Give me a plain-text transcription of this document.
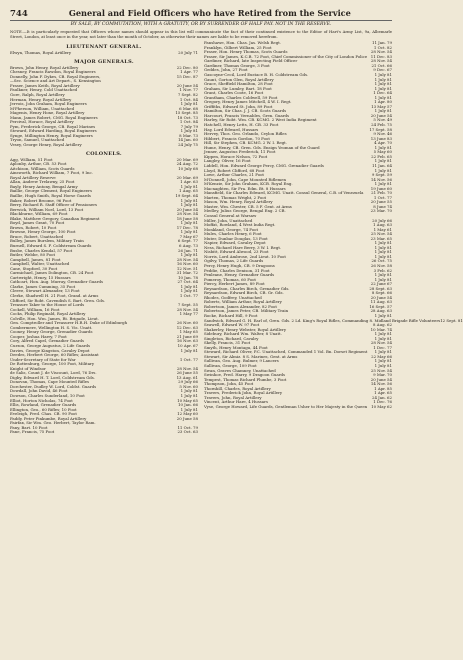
744	General and Field Officers who have Retired from the Service
BY SALE, BY COMMUTATION, WITH A GRATUITY, OR BY SURRENDER OF HALF PAY. NOT IN THE RESERVE.
NOTE.—It is particularly requested that Officers whose names should appear in this list will communicate the fact of their continued existence to the Editor of Hart's Army List, 9a, Albemarle Street, London, at least once in the year, not later than the month of October, as otherwise their names are liable to be removed herefrom.
LIEUTENANT GENERAL.
Elwyn, Thomas, Royal Artillery	20 July 71
MAJOR GENERALS.
Brown, John Henry, Royal Artillery	22 Dec. 80
Chesney, Francis Rawdon, Royal Engineers	1 Apr. 77
Donnelly, John F. Dykes, CB. Royal Engineers,	15 Dec. 87
—Sec. Science and Art Depart., S. Kensington
Fraser, James Keith, Royal Artillery	20 June 54
Faulkner, Henry, Cold Unattached	1 Nov. 77
Gore, Ralph, Royal Artillery	7 Sept. 82
Herman, Henry, Royal Artillery	1 Oct. 84
Jervois, John Graham, Royal Engineers	1 July 81
M'Pherson, William, Unattached	6 Mar. 68
Magenis, Henry Hone, Royal Artillery	15 Sept. 85
Mann, James Robert, CMG. Royal Engineers	18 Oct. 73
Percival, Horace, Royal Artillery	1 Oct. 84
Pym, Frederick George, CB. Royal Marines	7 July 79
Steward, Edward Harding, Royal Engineers	1 July 81
Synge, Millington Henry, Royal Engineers	8 Mar. 73
Tryon, Samuel, Unattached	14 Jan. 60
Vesey, George Henry, Royal Artillery	24 July 75
COLONELS.
Agg, William, 51 Foot	20 Mar. 69
Aplonby, Arthur, CB. 53 Foot	24 Aug. 72
Aitchison, William, Scots Guards	10 July 68
Ainsworth, Richard William, 7 Foot, 9 Inc.
Royal Artillery Reserve	20 Mar. 69
Allan, Andrew Trelawny, 25 Foot	1 Apr. 63
Bayly, Henry Antony, Bengal Army	1 July 81
Baillie, George Clement, Royal Engineers	1 Aug. 65
Baillie, Hugh Smith, Royal Horse Guards	19 Sept. 64
Baker, Robert Broome, 96 Foot	1 July 81
Berry, Richard R. Staff Officer of Pensioners	1 July 81
Berwick, William Noel, Lord, 13 Foot	20 June 54
Blackburne, William, 69 Foot	28 Nov. 54
Blake, Matthew Gregory, Canadian Regiment	18 June 58
Boyd, James Grant, 70 Foot	1 July 81
Brown, Robert, 10 Foot	17 Dec. 78
Browne, Henry George, 100 Foot	1 July 81
Bruce, Robert, Unattached	7 May 67
Bulley, James Burslem, Military Train	6 Sept. 77
Burnell, Edward S. F. Coldstream Guards	6 Aug. 73
Busbe, Charles Kendal, 57 Foot	26 Jan. 71
Butler, Webbe, 80 Foot	1 July 81
Campbell, James, 81 Foot	28 Nov. 54
Campbell, Walter, Unattached	16 Nov. 60
Cane, Stopford, 30 Foot	12 Nov. 51
Carmichael, James Dolington, CB. 24 Foot	31 Mar. 72
Cartwright, Henry, 15 Hussars	10 Jan. 78
Cathcart, Hon. Aug. Murray, Grenadier Guards	27 Oct. 64
Clarke, James Cumming, 35 Foot	1 July 81
Cleeve, Stewart Alexander, 13 Foot	1 July 81
Clerke, Shadwell H. 21 Foot, Grand. at Arms	1 Oct. 77
Clifford, Sir Robt. Cavendish S. Bart. Gren. Gds.
Treasure Taker to the House of Lords	7 Sept. 55
Cockell, William, 16 Foot	28 Nov. 54
Cocks, Philip Reginald, Royal Artillery	1 May 77
Colville, Hon. Wm. James, Rt. Brigade, Lieut.
Gen. Comptroller and Treasurer H.R.H. Duke of Edinburgh	26 Nov. 60
Combermere, Wellington H. S. Vis. Unatt.	12 Dec. 63
Cooney, Henry George, Grenadier Guards	1 May 65
Cooper, Joshua Harry, 7 Foot	21 June 69
Cory, Alfred Capel, Grenadier Guards	16 Nov. 63
Curzon, George Augustus, 2 Life Guards	10 Apr. 67
Davies, George Kingston, Cavalry Depot	1 July 81
Deedes, Herbert George, 60 Rifles; Assistant
Under-Secretary of State for War	1 Oct. 77
De Rottenburg, George, 100 Foot, Military
Knight of Windsor	28 Nov. 54
de Salis, Count J. de Viscount, Lord, 76 Drs.	26 June 55
Digby, Edward H. T. Lord, Coldstream Gds.	13 Aug. 61
Donovan, Thomas, Cape Mounted Rifles	29 July 66
Dorchester, Dudley W. Lord, Coldst. Guards	5 Nov. 60
Dowdall, John David, 46 Foot	1 July 81
Dowson, Charles Sunderland, 10 Foot	1 July 81
Elliot, Horton Nicholas, 74 Foot	10 May 65
Ellis, Rowland, Grenadier Guards	10 Jan. 66
Ellington, Geo., 60 Rifles; 10 Foot	1 July 81
Eveleigh, Fred. Chas. CB. 90 Foot	12 May 60
Faddy, Peter Pinkumbe, Royal Artillery	20 June 58
Fairfax, Sir Wm. Geo. Herbert, Taylor Ram.
Fany, Bart. 10 Foot	11 Oct. 79
Fane, Francis, 75 Foot	23 Oct. 63
Fanshawe, Hon. Chas. Jas. Welsh Regt.	11 Jan. 79
Franklyn, Gilbert William, 25 Foot	1 Oct. 82
Fraser, Hon. Henry Thomas, Scots Guards	28 Nov. 54
Fraser, Sir James, K.C.B. 72 Foot, Chief Commissioner of the City of London Police 11 Dec. 83
Gardiner, Richard, late Inspecting Field Officer	28 Nov. 54
Gardiner, Thomas George, 3 Foot	21 Oct. 66
Geddes, John, 27 Foot	9 Dec. 67
Gascoyne-Cecil, Lord Eustace B. H. Coldstream Gds.	1 July 81
Gaunt, Gorton Glen, Royal Artillery	1 July 81
Grace, Sheffield Hamilton, 28 Foot	1 July 81
Graham, Sir Lumley, Bart. 18 Foot	1 July 81
Grant, Charles Coote, 16 Foot	1 Dec. 64
Grantham, Charles Coldwell, 59 Foot	1 July 81
Gregory, Henry James Mitchell, 4 W. I. Regt.	1 Apr. 80
Griffiths, Edward St. John, 89 Foot	13 May 57
Hamilton, Sir Chas. J. J. CB. Scots Guards	1 July 81
Harcourt, Francis Vernables, Gren. Guards	20 June 54
Harley, Sir Robt. Wm. CB. KCMG. 2 West India Regiment	5 Nov. 49
Hatchell, Henry Letts, H. CB. 33 Foot	24 Feb. 75
Hay, Lord Edward, Hussars	17 Sept. 58
Hervey, Thos. Geo. Orlando, Ceylon Rifles	9 Nov. 46
Hibbert, Francis Gordon, 70 Foot	13 June 83
Hill, Sir Stephen, CB. KCMG. 2 W. I. Regt.	4 Apr. 70
Hume, Henry, CB. Gren. Gds. Ensign Yeoman of the Guard	1 July 81
Jenner, Augustus Frederick, 11 Foot	5 May 60
Kippen, Horace Nelson, 72 Foot	22 Feb. 65
Langley, Oliver, 16 Foot	1 July 81
Liddell, Hon. Edward George Percy, CMG. Grenadier Guards	11 Jan. 64
Lloyd, Robert Clifford, 68 Foot	1 July 81
Lowe, Arthur Charles, 21 Foot	9 Sept. 59
M'Donnell, John, Cape Mounted Riflemen	14 Nov. 56
M'Kenzie, Sir John Graham, KCB. Royal Eng.	1 July 81
Macnaghten, Sir Fra. Edm. Bt. 8 Hussars	19 June 60
Mansfield, Sir Charles Edward, KCMG. Unatt. Consul General, C.B. of Venezuela	21 Feb. 70
Marten, Thomas Wright, 2 Foot	1 Oct. 77
Mason, Wm. Henry, Royal Artillery	20 June 55
Master, Wm. Chester, CB. 5 F. Gent. at Arms	8 June 74
Medley, Julius George, Bengal Eng. 2 CB.	23 Mar. 70
Consul General at Warsaw
Miller, John, Unattached	20 July 66
Moffat, Rowland, 4 West India Regt.	1 Aug. 63
Monkland, George, 74 Foot	1 May 61
Mules, Charles Henry, 6 Foot	25 Nov. 54
Muter, Dunbar Douglas, 13 Foot	23 Mar. 65
Napier, Edward, Cavalry Depot	1 July 81
Ness, Richard Hare Berry, 3 W. I. Regt.	1 July 81
Nisbitt, Edward Alwood, 23 Foot	1 July 81
Norris, Lord Ambrose, 2nd Lieut. 10 Foot	1 July 81
Ogilvy, Thomas, 2 Life Guards	26 Oct. 75
Percy, Henry Hugh, CB. 9 Dragoons	26 Nov. 58
Peddie, Charles Denison, 31 Foot	3 Feb. 62
Penleane, Henry, Grenadier Guards	1 July 81
Pomeroy, Thomas, 60 Foot	1 July 81
Piercy, Herbert James, 89 Foot	22 June 67
Reynardson, Charles Birch, Grenadier Gds.	28 Sept. 63
Reynardson, Edward Birch, CB. Gr. Gds.	8 Sept. 66
Rhodes, Godfrey, Unattached	20 June 54
Roberts, William Arthur, Royal Artillery	11 Aug. 63
Robertson, James Alexander, 82 Foot	16 Sept. 57
Robertson, James Peter, CB. Military Train	28 Aug. 63
Rocke, Richard Hill, 9 Foot	1 July 81
Sandwich, Edward G. H. Earl of, Gren. Gds. 2 Ld. King's Royal Rifles, Commanding 8. Midland Brigade Rifle Volunteers 12 Sept. 81
Seawell, Edward W. 97 Foot	8 Aug. 62
Shakerley, Henry Webster, Royal Artillery	10 Mar. 74
Sidebury, Richard Wm. Walter, 8 Unatt.	1 July 81
Singleton, Richard, Cavalry	1 July 81
Skelly, Francis, 31 Foot	28 Nov. 54
Smyth, Henry Montagu, 44 Foot	1 Dec. 77
Steward, Richard Oliver, P.C. Unattached, Commanded 1 Vol. Bn. Dorset Regiment	1 July 81
Stewart, Sir Almiz. 8 S. Marines, Gent. at Arms	22 May 66
Sullivan, Geo. Aug. Bulmer, 9 Lancers	1 July 81
Sullivan, George, 109 Foot	1 July 81
Swan, Graves Chamney, Unattached	25 Nov. 54
Swinhoe, Fred. Harry, 9 Dragoon Guards	9 Mar. 70
Tempest, Thomas Richard Plumbe, 3 Foot	20 June 54
Thompson, John, 45 Foot	14 Nov. 56
Thornhill, Charles, Royal Artillery	1 Apr. 85
Travers, Frederick John, Royal Artillery	1 Apr. 65
Travers, John, Royal Artillery	24 Jan. 62
Vincent, Arthur Hare, 4 Hussars	1 Dec. 76
Vyse, George Howard, Life Guards, Gentleman Usher to Her Majesty in the Queen	10 May 62
